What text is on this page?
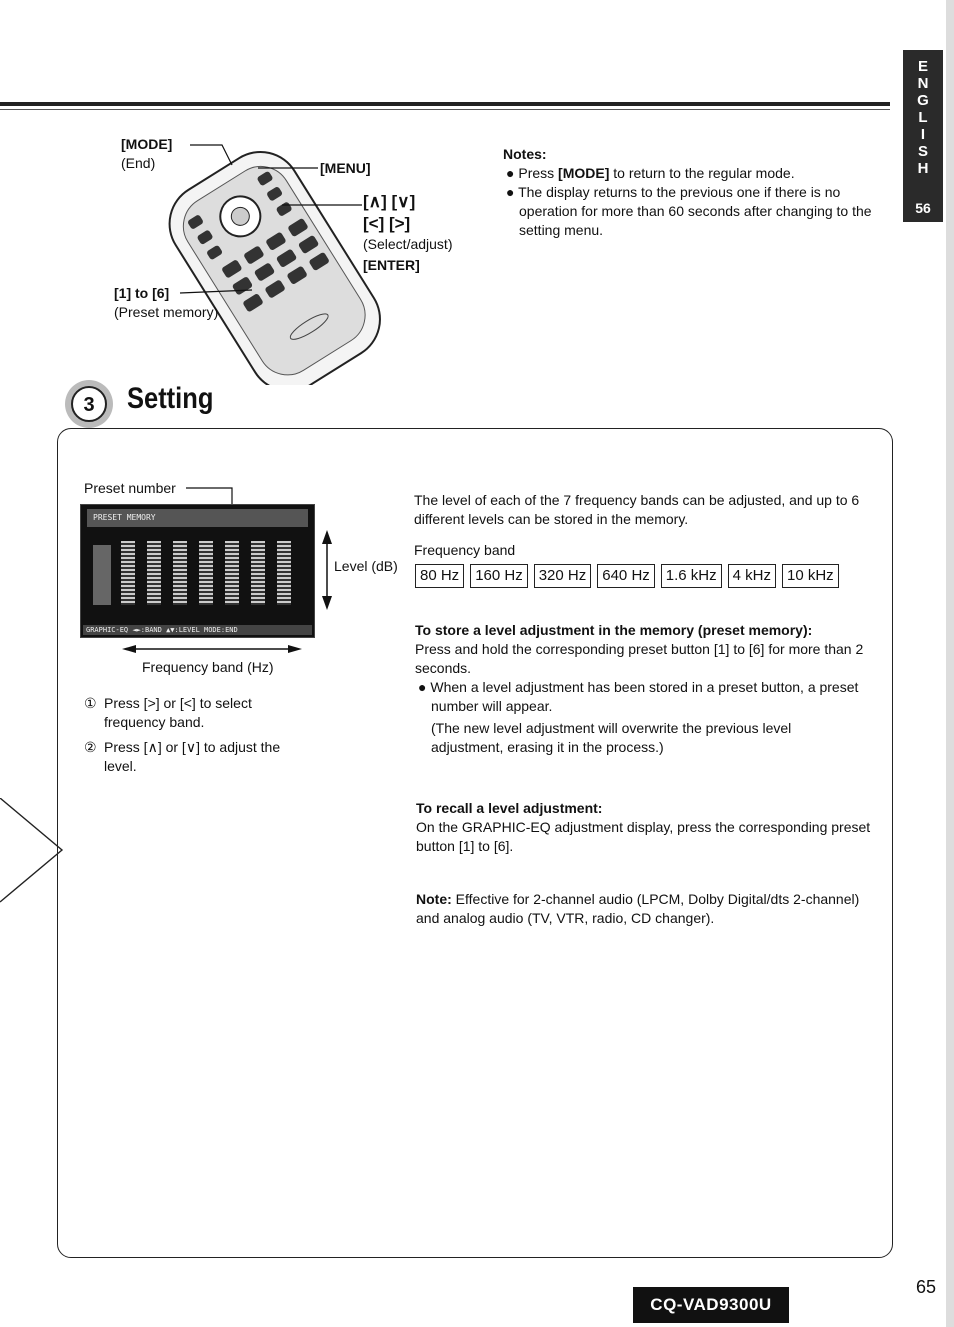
E
N
G
L
I
S
H
56
[MODE]
(End)	[MENU]
[∧] [∨]
[<] [>]
(Select/adjust)
[ENTER]
[1] to [6]
(Preset memory)
Notes:
● Press [MODE] to return to the regular mode.
● The display returns to the previous one if there is no operation for more than 60 seconds after changing to the setting menu.
3 Setting
Preset number
PRESET MEMORY
GRAPHIC-EQ ◄►:BAND ▲▼:LEVEL MODE:END
Level (dB)
Frequency band (Hz)
① Press [>] or [<] to select frequency band.
② Press [∧] or [∨] to adjust the level.
The level of each of the 7 frequency bands can be adjusted, and up to 6 different levels can be stored in the memory.
Frequency band
80 Hz 160 Hz 320 Hz 640 Hz 1.6 kHz 4 kHz 10 kHz
To store a level adjustment in the memory (preset memory):
Press and hold the corresponding preset button [1] to [6] for more than 2 seconds.
● When a level adjustment has been stored in a preset button, a preset number will appear.
(The new level adjustment will overwrite the previous level adjustment, erasing it in the process.)
To recall a level adjustment:
On the GRAPHIC-EQ adjustment display, press the corresponding preset button [1] to [6].
Note: Effective for 2-channel audio (LPCM, Dolby Digital/dts 2-channel) and analog audio (TV, VTR, radio, CD changer).
CQ-VAD9300U
65
